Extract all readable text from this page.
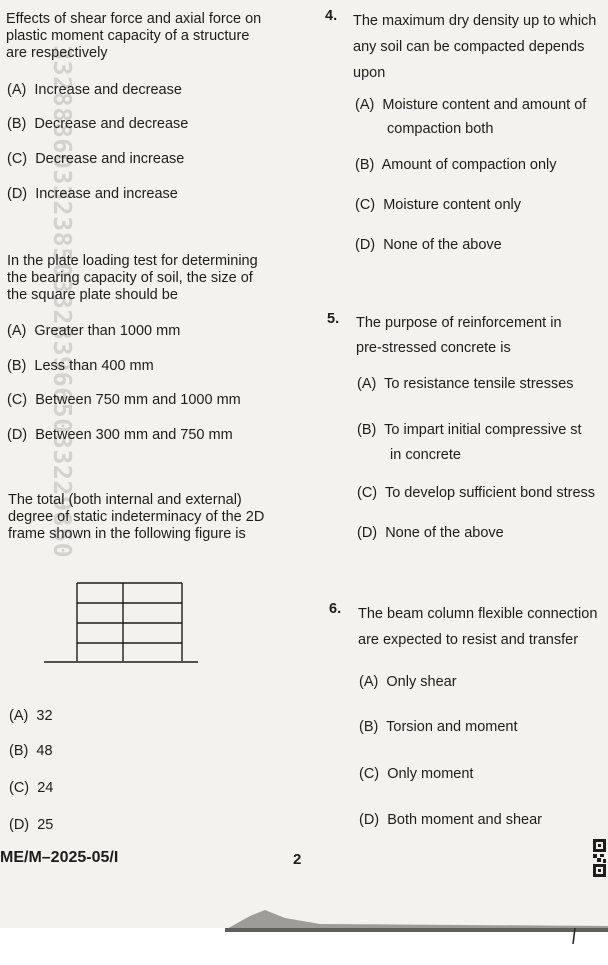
332888603323850332839665033229850
Effects of shear force and axial force on
plastic moment capacity of a structure
are respectively
(A) Increase and decrease
(B) Decrease and decrease
(C) Decrease and increase
(D) Increase and increase
In the plate loading test for determining
the bearing capacity of soil, the size of
the square plate should be
(A) Greater than 1000 mm
(B) Less than 400 mm
(C) Between 750 mm and 1000 mm
(D) Between 300 mm and 750 mm
The total (both internal and external)
degree of static indeterminacy of the 2D
frame shown in the following figure is
(A) 32
(B) 48
(C) 24
(D) 25
4. The maximum dry density up to which
any soil can be compacted depends
upon
(A) Moisture content and amount of
compaction both
(B) Amount of compaction only
(C) Moisture content only
(D) None of the above
5. The purpose of reinforcement in
pre-stressed concrete is
(A) To resistance tensile stresses
(B) To impart initial compressive st
in concrete
(C) To develop sufficient bond stress
(D) None of the above
6. The beam column flexible connection
are expected to resist and transfer
(A) Only shear
(B) Torsion and moment
(C) Only moment
(D) Both moment and shear
ME/M–2025-05/I	2
